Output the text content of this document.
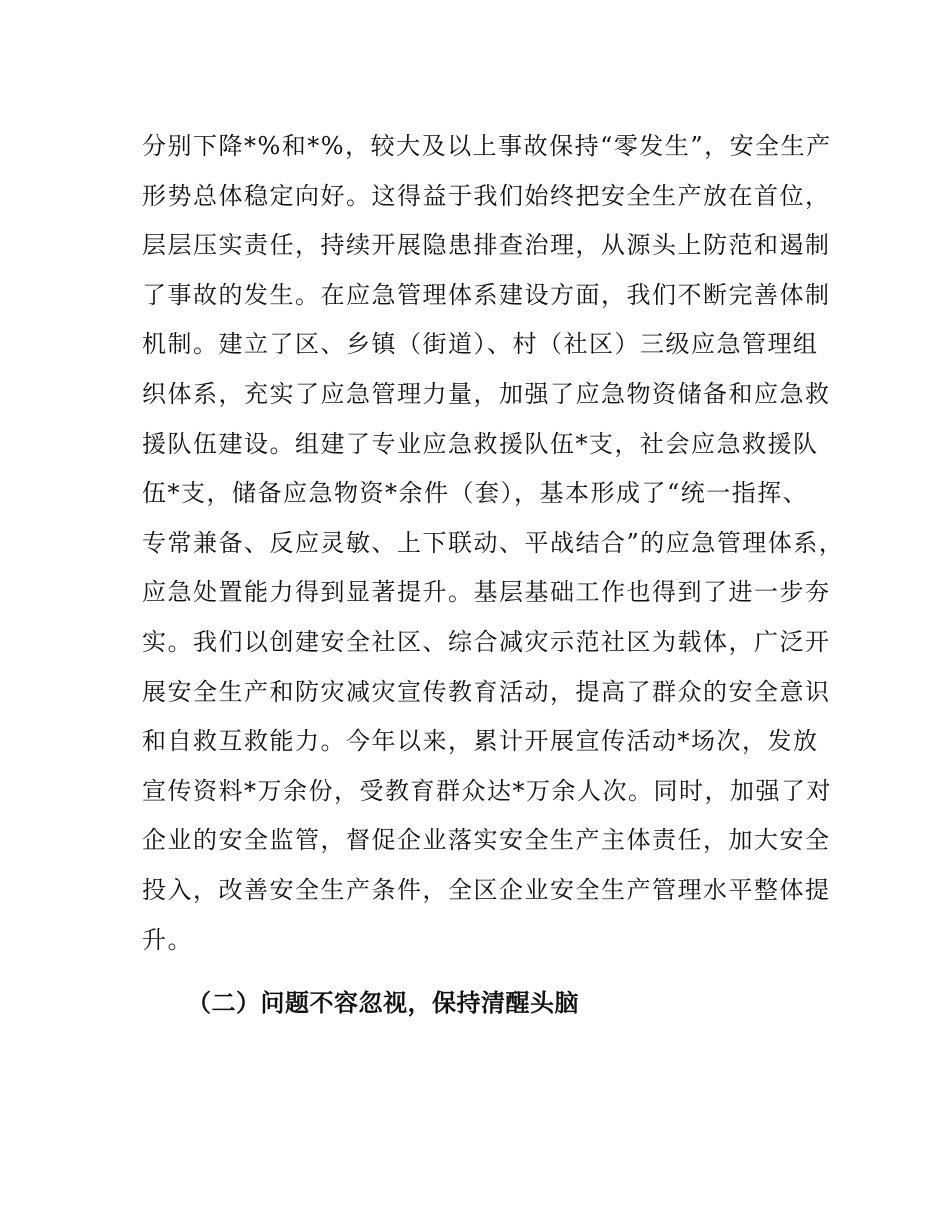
分别下降*%和*%，较大及以上事故保持“零发生”，安全生产
形势总体稳定向好。这得益于我们始终把安全生产放在首位，
层层压实责任，持续开展隐患排查治理，从源头上防范和遏制
了事故的发生。在应急管理体系建设方面，我们不断完善体制
机制。建立了区、乡镇（街道）、村（社区）三级应急管理组
织体系，充实了应急管理力量，加强了应急物资储备和应急救
援队伍建设。组建了专业应急救援队伍*支，社会应急救援队
伍*支，储备应急物资*余件（套），基本形成了“统一指挥、
专常兼备、反应灵敏、上下联动、平战结合”的应急管理体系，
应急处置能力得到显著提升。基层基础工作也得到了进一步夯
实。我们以创建安全社区、综合减灾示范社区为载体，广泛开
展安全生产和防灾减灾宣传教育活动，提高了群众的安全意识
和自救互救能力。今年以来，累计开展宣传活动*场次，发放
宣传资料*万余份，受教育群众达*万余人次。同时，加强了对
企业的安全监管，督促企业落实安全生产主体责任，加大安全
投入，改善安全生产条件，全区企业安全生产管理水平整体提
升。
（二）问题不容忽视，保持清醒头脑
